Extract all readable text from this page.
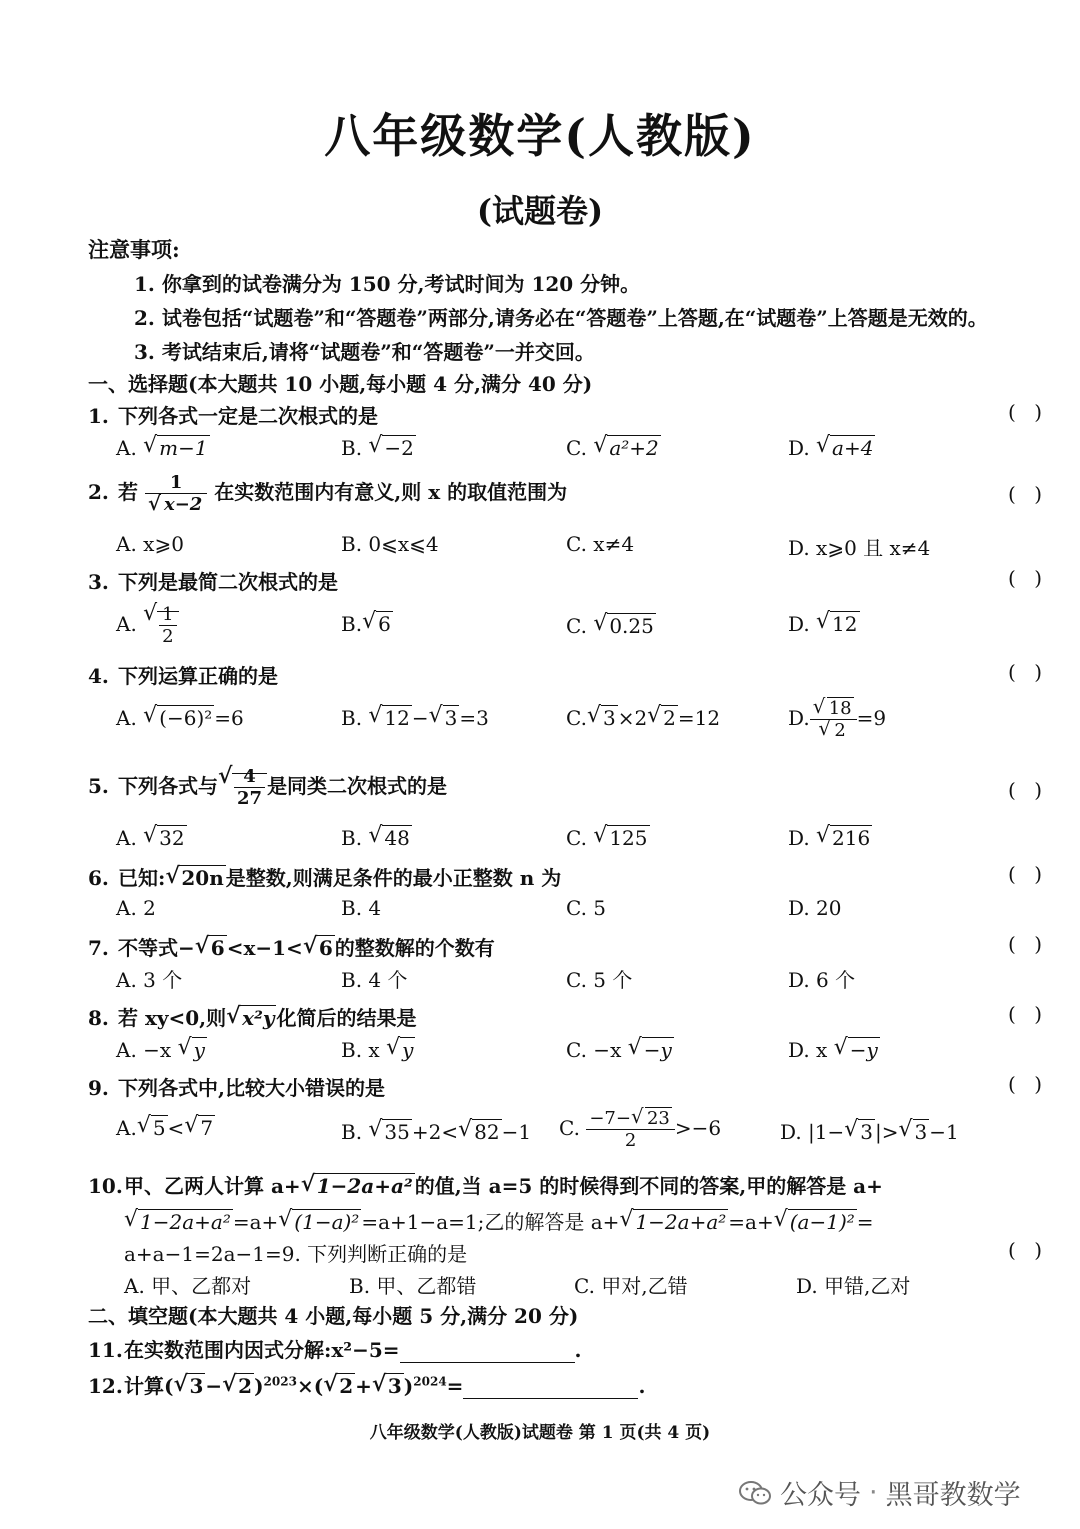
八年级数学(人教版)
(试题卷)
注意事项:
1. 你拿到的试卷满分为 150 分,考试时间为 120 分钟。
2. 试卷包括“试题卷”和“答题卷”两部分,请务必在“答题卷”上答题,在“试题卷”上答题是无效的。
3. 考试结束后,请将“试题卷”和“答题卷”一并交回。
一、选择题(本大题共 10 小题,每小题 4 分,满分 40 分)
1. 下列各式一定是二次根式的是	( )
A. √ m−1	B. √ −2	C. √ a²+2	D. √ a+4
2. 若 1
√ x−2 在实数范围内有意义,则 x 的取值范围为	( )
A. x⩾0	B. 0⩽x⩽4	C. x≠4	D. x⩾0 且 x≠4
3. 下列是最简二次根式的是	( )
A. √ $\frac{1}{2}$	B. √ 6	C. √ 0.25	D. √ 12
4. 下列运算正确的是	( )
A. √ (−6)² =6	B. √ 12 − √ 3 =3	C. √ 3 ×2 √ 2 =12	D. √ 18
√ 2 =9
5. 下列各式与 √ $\frac{4}{27}$ 是同类二次根式的是	( )
A. √ 32	B. √ 48	C. √ 125	D. √ 216
6. 已知: √ 20n 是整数,则满足条件的最小正整数 n 为	( )
A. 2	B. 4	C. 5	D. 20
7. 不等式− √ 6 <x−1< √ 6 的整数解的个数有	( )
A. 3 个	B. 4 个	C. 5 个	D. 6 个
8. 若 xy<0,则 √ x²y 化简后的结果是	( )
A. −x √ y	B. x √ y	C. −x √ −y	D. x √ −y
9. 下列各式中,比较大小错误的是	( )
A. √ 5 < √ 7	B. √ 35 +2< √ 82 −1 C. $\frac{-7- √ 23}{2} >-6$	D. |1− √ 3 |> √ 3 −1
10.甲、乙两人计算 a+ √ 1−2a+a² 的值,当 a=5 的时候得到不同的答案,甲的解答是 a+
√ 1−2a+a² =a+ √ (1−a)² =a+1−a=1;乙的解答是 a+ √ 1−2a+a² =a+ √ (a−1)² =
a+a−1=2a−1=9. 下列判断正确的是	( )
A. 甲、乙都对	B. 甲、乙都错	C. 甲对,乙错	D. 甲错,乙对
二、填空题(本大题共 4 小题,每小题 5 分,满分 20 分)
11.在实数范围内因式分解:x²−5=	.
12.计算( √ 3 − √ 2 )$^{2023}$×( √ 2 + √ 3 )$^{2024}$=	.
八年级数学(人教版)试题卷 第 1 页(共 4 页)
公众号 · 黑哥教数学
